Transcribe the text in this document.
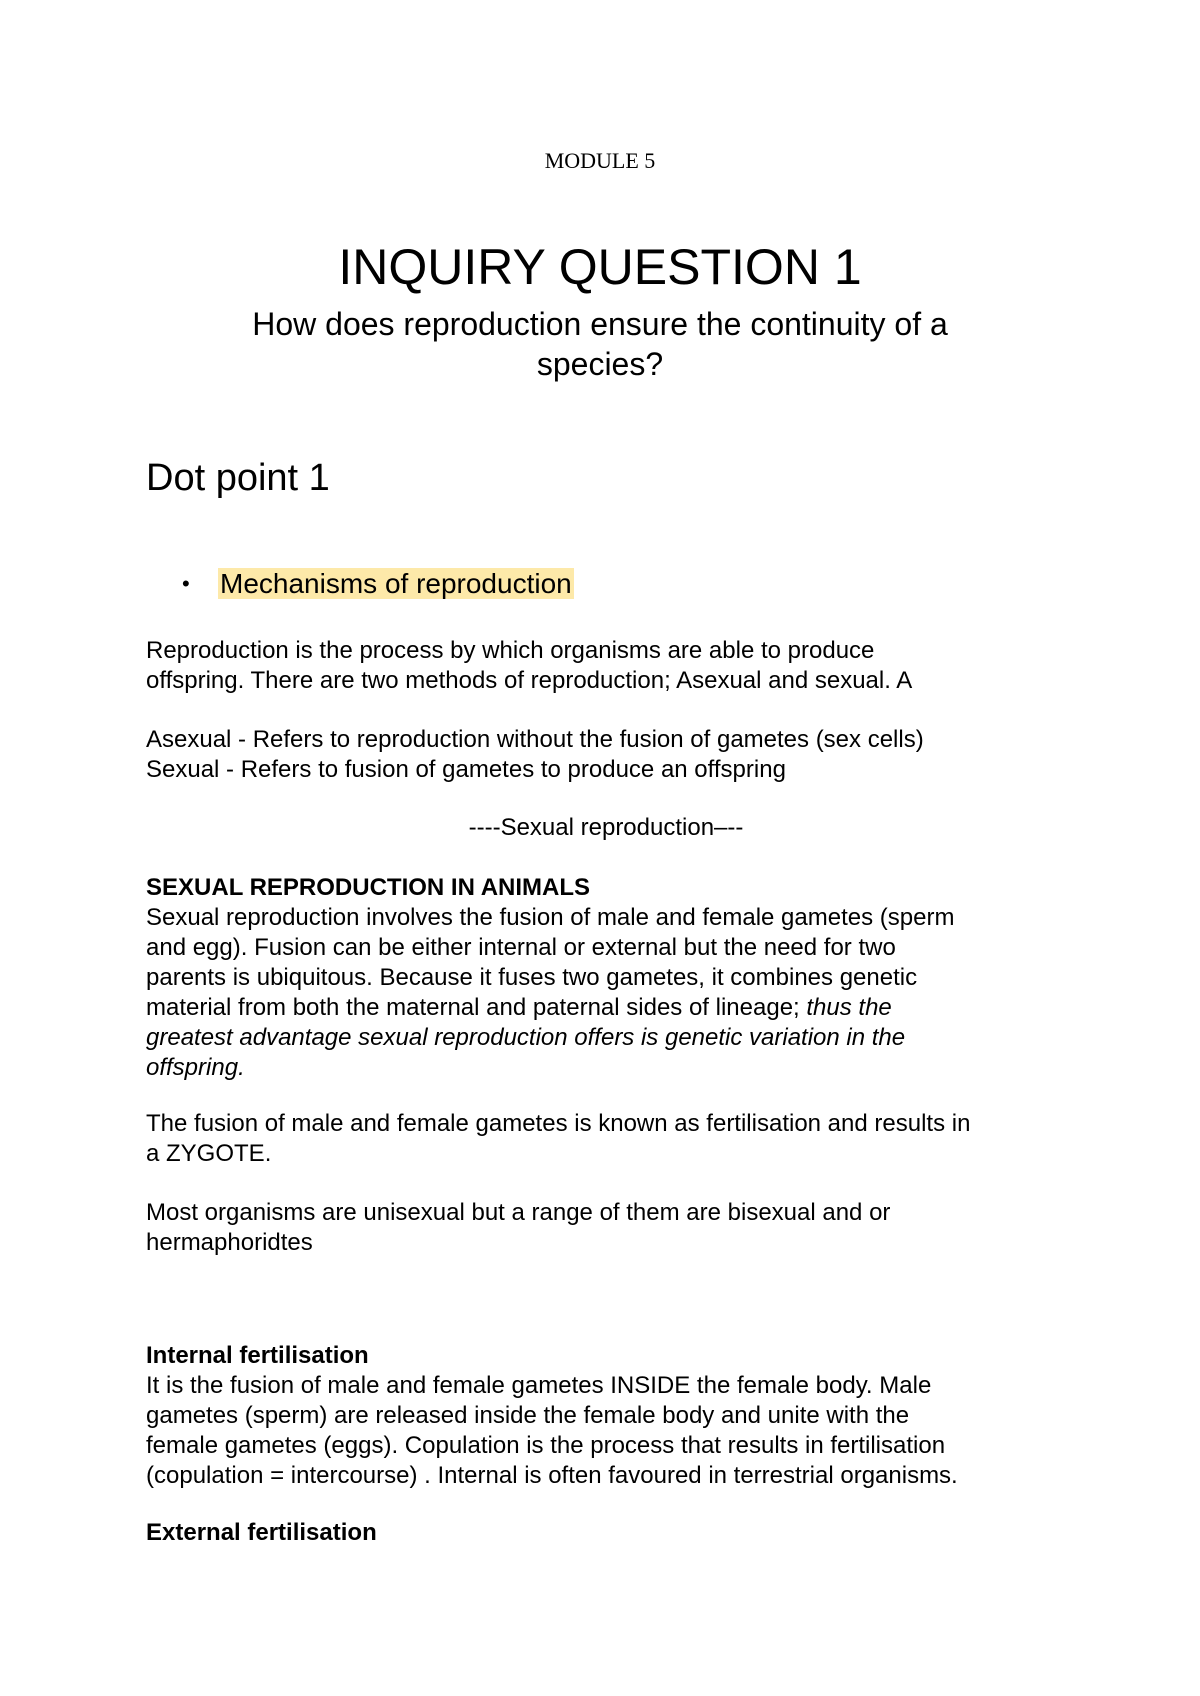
MODULE 5
INQUIRY QUESTION 1
How does reproduction ensure the continuity of a
species?
Dot point 1
• Mechanisms of reproduction

Reproduction is the process by which organisms are able to produce

offspring. There are two methods of reproduction; Asexual and sexual. A

Asexual - Refers to reproduction without the fusion of gametes (sex cells)

Sexual - Refers to fusion of gametes to produce an offspring

----Sexual reproduction–--

SEXUAL REPRODUCTION IN ANIMALS

Sexual reproduction involves the fusion of male and female gametes (sperm

and egg). Fusion can be either internal or external but the need for two

parents is ubiquitous. Because it fuses two gametes, it combines genetic

material from both the maternal and paternal sides of lineage; thus the

greatest advantage sexual reproduction offers is genetic variation in the

offspring.

The fusion of male and female gametes is known as fertilisation and results in

a ZYGOTE.

Most organisms are unisexual but a range of them are bisexual and or

hermaphoridtes

Internal fertilisation

It is the fusion of male and female gametes INSIDE the female body. Male

gametes (sperm) are released inside the female body and unite with the

female gametes (eggs). Copulation is the process that results in fertilisation

(copulation = intercourse) . Internal is often favoured in terrestrial organisms.

External fertilisation
